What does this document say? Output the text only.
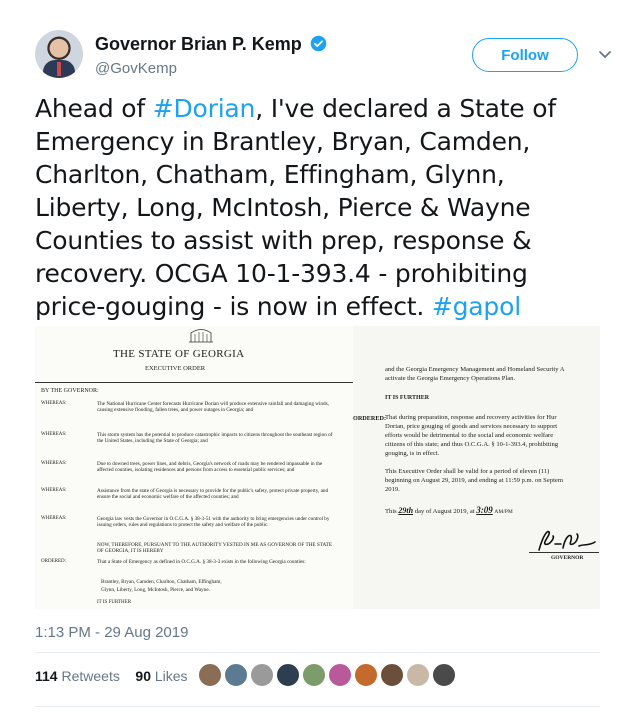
Governor Brian P. Kemp
@GovKemp
Follow
Ahead of #Dorian, I've declared a State of Emergency in Brantley, Bryan, Camden, Charlton, Chatham, Effingham, Glynn, Liberty, Long, McIntosh, Pierce & Wayne Counties to assist with prep, response & recovery. OCGA 10-1-393.4 - prohibiting price-gouging - is now in effect. #gapol
THE STATE OF GEORGIA
EXECUTIVE ORDER
BY THE GOVERNOR:
WHEREAS:	The National Hurricane Center forecasts Hurricane Dorian will produce extensive rainfall and damaging winds, causing extensive flooding, fallen trees, and power outages in Georgia; and
WHEREAS:	This storm system has the potential to produce catastrophic impacts to citizens throughout the southeast region of the United States, including the State of Georgia; and
WHEREAS:	Due to downed trees, power lines, and debris, Georgia's network of roads may be rendered impassable in the affected counties, isolating residences and persons from access to essential public services; and
WHEREAS:	Assistance from the state of Georgia is necessary to provide for the public's safety, protect private property, and ensure the social and economic welfare of the affected counties; and
WHEREAS:	Georgia law vests the Governor in O.C.G.A. § 38-3-51 with the authority to bring emergencies under control by issuing orders, rules and regulations to protect the safety and welfare of the public.
NOW, THEREFORE, PURSUANT TO THE AUTHORITY VESTED IN ME AS GOVERNOR OF THE STATE OF GEORGIA, IT IS HEREBY
ORDERED:	That a State of Emergency as defined in O.C.G.A. § 38-3-3 exists in the following Georgia counties:
Brantley, Bryan, Camden, Charlton, Chatham, Effingham,
Glynn, Liberty, Long, McIntosh, Pierce, and Wayne.
IT IS FURTHER
and the Georgia Emergency Management and Homeland Security A
activate the Georgia Emergency Operations Plan.
IT IS FURTHER
ORDERED:
That during preparation, response and recovery activities for Hur
Dorian, price gouging of goods and services necessary to support
efforts would be detrimental to the social and economic welfare
citizens of this state; and thus O.C.G.A. § 10-1-393.4, prohibiting
gouging, is in effect.
This Executive Order shall be valid for a period of eleven (11)
beginning on August 29, 2019, and ending at 11:59 p.m. on Septem
2019.
This 29th day of August 2019, at 3:09 AM/PM
GOVERNOR
1:13 PM - 29 Aug 2019
114 Retweets 90 Likes
